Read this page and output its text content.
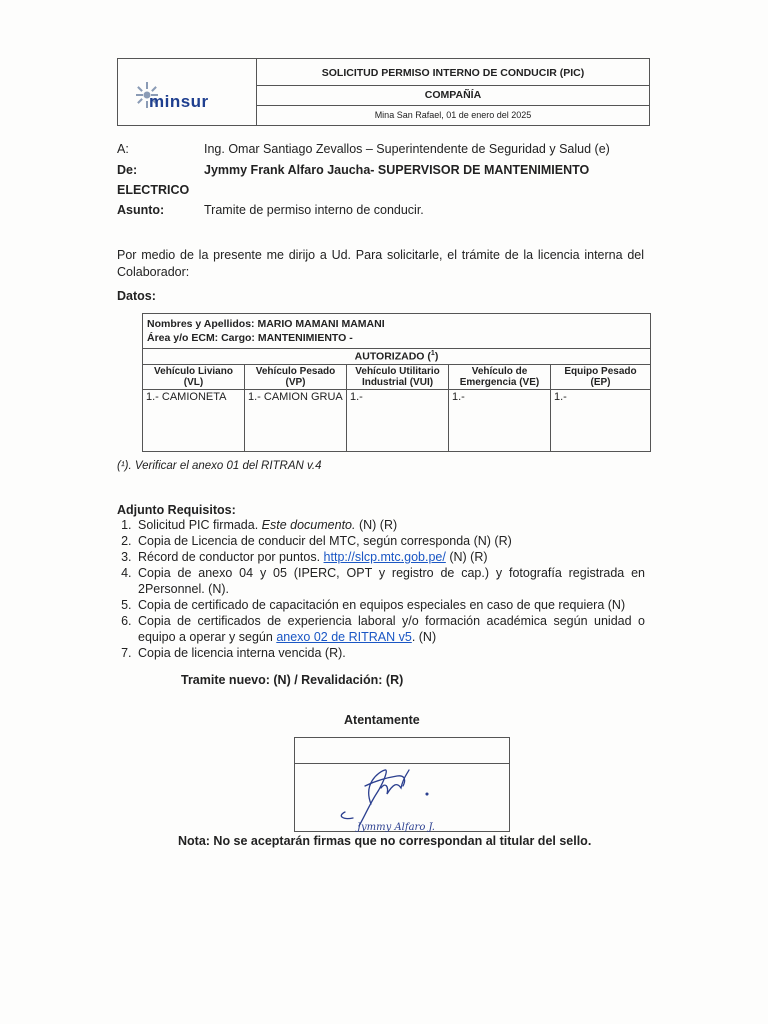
minsur
SOLICITUD PERMISO INTERNO DE CONDUCIR (PIC)
COMPAÑÍA
Mina San Rafael, 01 de enero del 2025
A:	Ing. Omar Santiago Zevallos – Superintendente de Seguridad y Salud (e)
De:	Jymmy Frank Alfaro Jaucha- SUPERVISOR DE MANTENIMIENTO
ELECTRICO
Asunto:	Tramite de permiso interno de conducir.
Por medio de la presente me dirijo a Ud. Para solicitarle, el trámite de la licencia interna del Colaborador:
Datos:
Nombres y Apellidos: MARIO MAMANI MAMANI
Área y/o ECM: Cargo: MANTENIMIENTO -				

AUTORIZADO ($^1$)				
Vehículo Liviano (VL)	Vehículo Pesado (VP)	Vehículo Utilitario Industrial (VUI)	Vehículo de Emergencia (VE)	Equipo Pesado (EP)
1.- CAMIONETA	1.- CAMION GRUA	1.-	1.-	1.-
(¹). Verificar el anexo 01 del RITRAN v.4
Adjunto Requisitos:
1. Solicitud PIC firmada. Este documento. (N) (R)
2. Copia de Licencia de conducir del MTC, según corresponda (N) (R)
3. Récord de conductor por puntos. http://slcp.mtc.gob.pe/ (N) (R)
4. Copia de anexo 04 y 05 (IPERC, OPT y registro de cap.) y fotografía registrada en 2Personnel. (N).
5. Copia de certificado de capacitación en equipos especiales en caso de que requiera (N)
6. Copia de certificados de experiencia laboral y/o formación académica según unidad o equipo a operar y según anexo 02 de RITRAN v5. (N)
7. Copia de licencia interna vencida (R).
Tramite nuevo: (N) / Revalidación: (R)
Atentamente
Jymmy Alfaro J.
Nota: No se aceptarán firmas que no correspondan al titular del sello.
